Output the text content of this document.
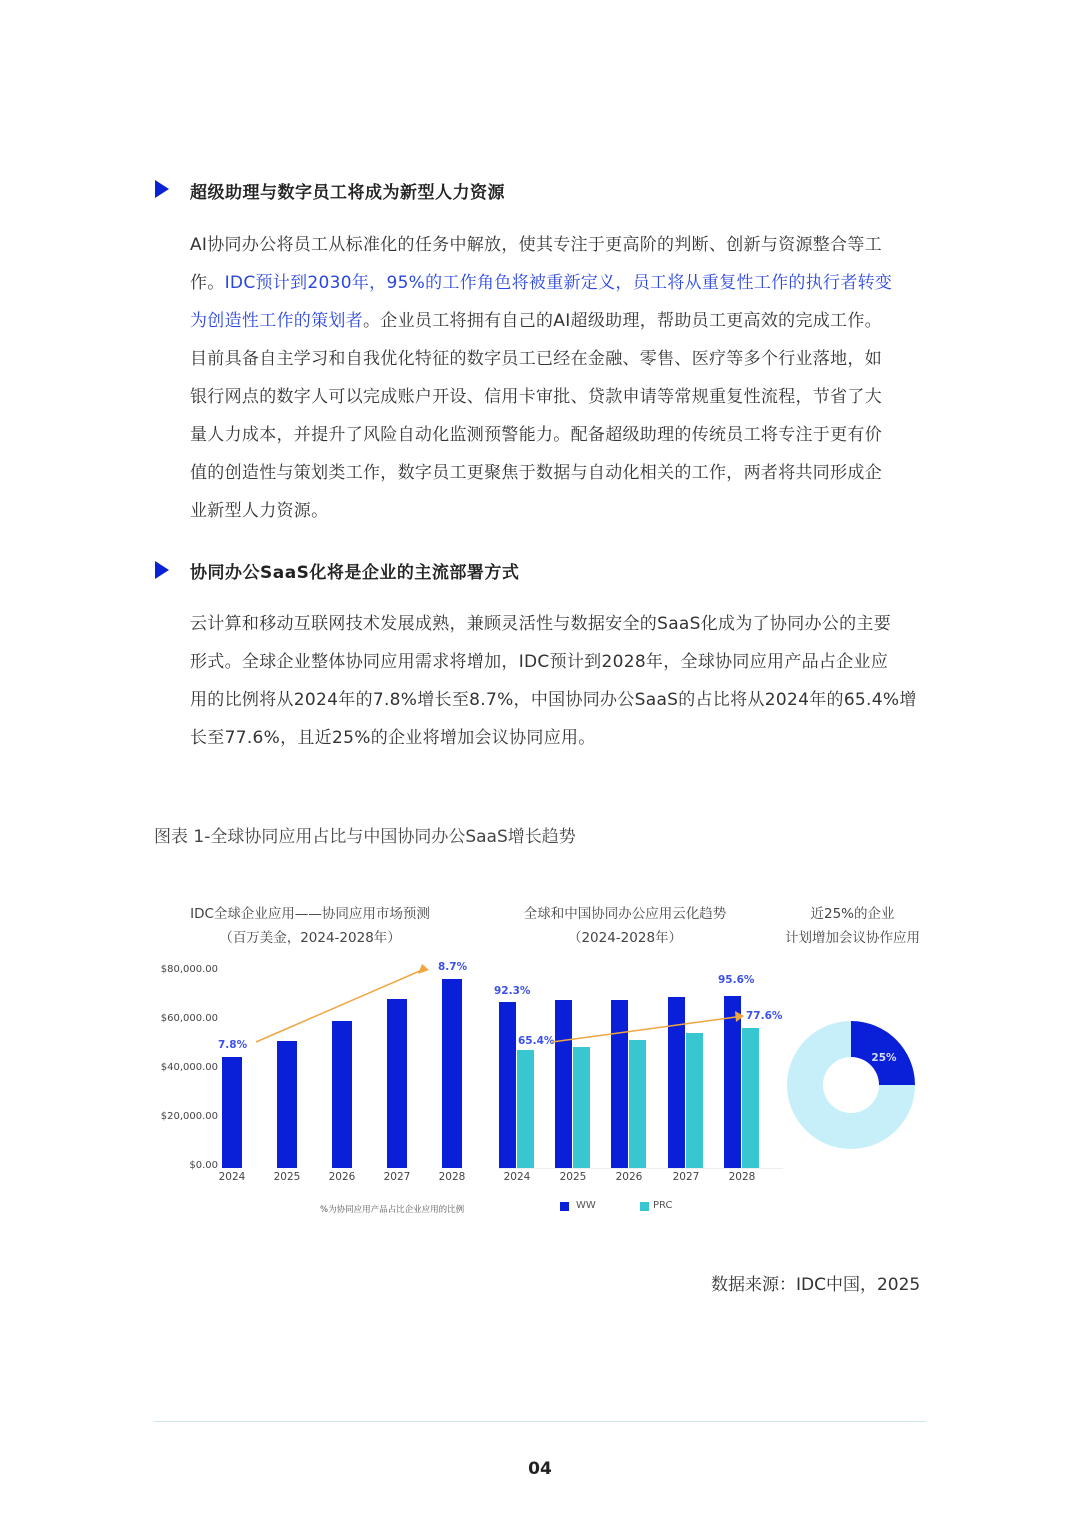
超级助理与数字员工将成为新型人力资源
AI协同办公将员工从标准化的任务中解放，使其专注于更高阶的判断、创新与资源整合等工
作。IDC预计到2030年，95%的工作角色将被重新定义，员工将从重复性工作的执行者转变
为创造性工作的策划者。企业员工将拥有自己的AI超级助理，帮助员工更高效的完成工作。
目前具备自主学习和自我优化特征的数字员工已经在金融、零售、医疗等多个行业落地，如
银行网点的数字人可以完成账户开设、信用卡审批、贷款申请等常规重复性流程，节省了大
量人力成本，并提升了风险自动化监测预警能力。配备超级助理的传统员工将专注于更有价
值的创造性与策划类工作，数字员工更聚焦于数据与自动化相关的工作，两者将共同形成企
业新型人力资源。
协同办公SaaS化将是企业的主流部署方式
云计算和移动互联网技术发展成熟，兼顾灵活性与数据安全的SaaS化成为了协同办公的主要
形式。全球企业整体协同应用需求将增加，IDC预计到2028年，全球协同应用产品占企业应
用的比例将从2024年的7.8%增长至8.7%，中国协同办公SaaS的占比将从2024年的65.4%增
长至77.6%，且近25%的企业将增加会议协同应用。
图表 1-全球协同应用占比与中国协同办公SaaS增长趋势
IDC全球企业应用——协同应用市场预测
（百万美金，2024-2028年）
$80,000.00
$60,000.00
$40,000.00
$20,000.00
$0.00
2024	2025	2026	2027	2028
7.8%
8.7%
%为协同应用产品占比企业应用的比例
全球和中国协同办公应用云化趋势
（2024-2028年）
2024	2025	2026	2027	2028
92.3%
95.6%
65.4%
77.6%
WW	PRC
近25%的企业
计划增加会议协作应用
25%
数据来源：IDC中国，2025
04
